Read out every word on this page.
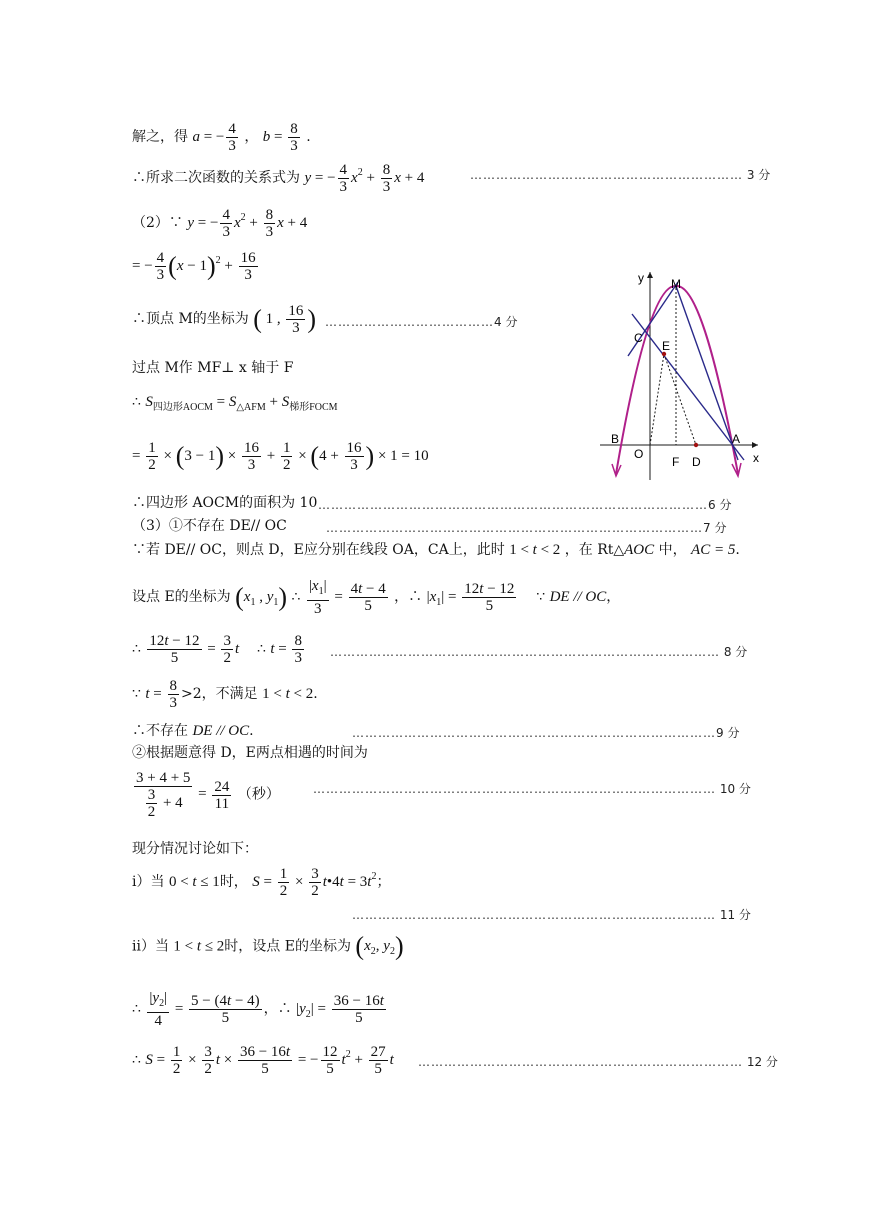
解之，得 a = − $\frac{4}{3}$ ， $b = \frac{8}{3}$ .
∴所求二次函数的关系式为 y = − $\frac{4}{3} x^2 + \frac{8}{3}$ x + 4	……………………………………………………… 3 分
（2）∵ y = − $\frac{4}{3} x^2 + \frac{8}{3}$ x + 4
= − $\frac{4}{3} (x - 1)^2 + \frac{16}{3}$
∴顶点 M的坐标为 ( 1 , $\frac{16}{3}$ ) …………………………………4 分
过点 M作 MF⊥ x 轴于 F
∴ $S_{四边形AOCM} = S_{\triangle AFM} + S_{梯形FOCM}$
= $\frac{1}{2} \times (3 - 1) \times \frac{16}{3} + \frac{1}{2} \times (4 + \frac{16}{3}$ ) × 1 = 10
∴四边形 AOCM的面积为 10 ………………………………………………………………………………6 分
（3）①不存在 DE// OC	……………………………………………………………………………7 分
∵若 DE// OC，则点 D，E应分别在线段 OA，CA上，此时 1 < t < 2 ，在 Rt△AOC 中， AC = 5.
设点 E的坐标为 ($x_1$ , $y_1$) ∴ $\frac{|x_1|}{3} = \frac{4t - 4}{5}$ ，∴ $|x_1| = \frac{12t - 12}{5}$ ∵ DE // OC，
∴ $\frac{12t - 12}{5} = \frac{3}{2}$ t ∴ $t = \frac{8}{3}$ ……………………………………………………………………………… 8 分
∵ $t = \frac{8}{3} >2$，不满足 1 < t < 2.
∴不存在 DE // OC.	…………………………………………………………………………9 分
②根据题意得 D，E两点相遇的时间为
$\frac{3 + 4 + 5}{\frac{3}{2} + 4} = \frac{24}{11}$ （秒）	………………………………………………………………………………… 10 分
现分情况讨论如下：
ⅰ）当 0 < t ≤ 1时， $S = \frac{1}{2} \times \frac{3}{2}$ t•4t = $3t^2$；
………………………………………………………………………… 11 分
ⅱ）当 1 < t ≤ 2时，设点 E的坐标为 ($x_2$, $y_2$)
∴ $\frac{|y_2|}{4} = \frac{5 - (4t - 4)}{5}$ ，∴ $|y_2| = \frac{36 - 16t}{5}$
∴ $S = \frac{1}{2} \times \frac{3}{2}$ $t \times \frac{36 - 16t}{5}$ = − $\frac{12}{5} t^2 + \frac{27}{5}$ t ………………………………………………………………… 12 分
y M
C
E
B	A
O
F D	x
